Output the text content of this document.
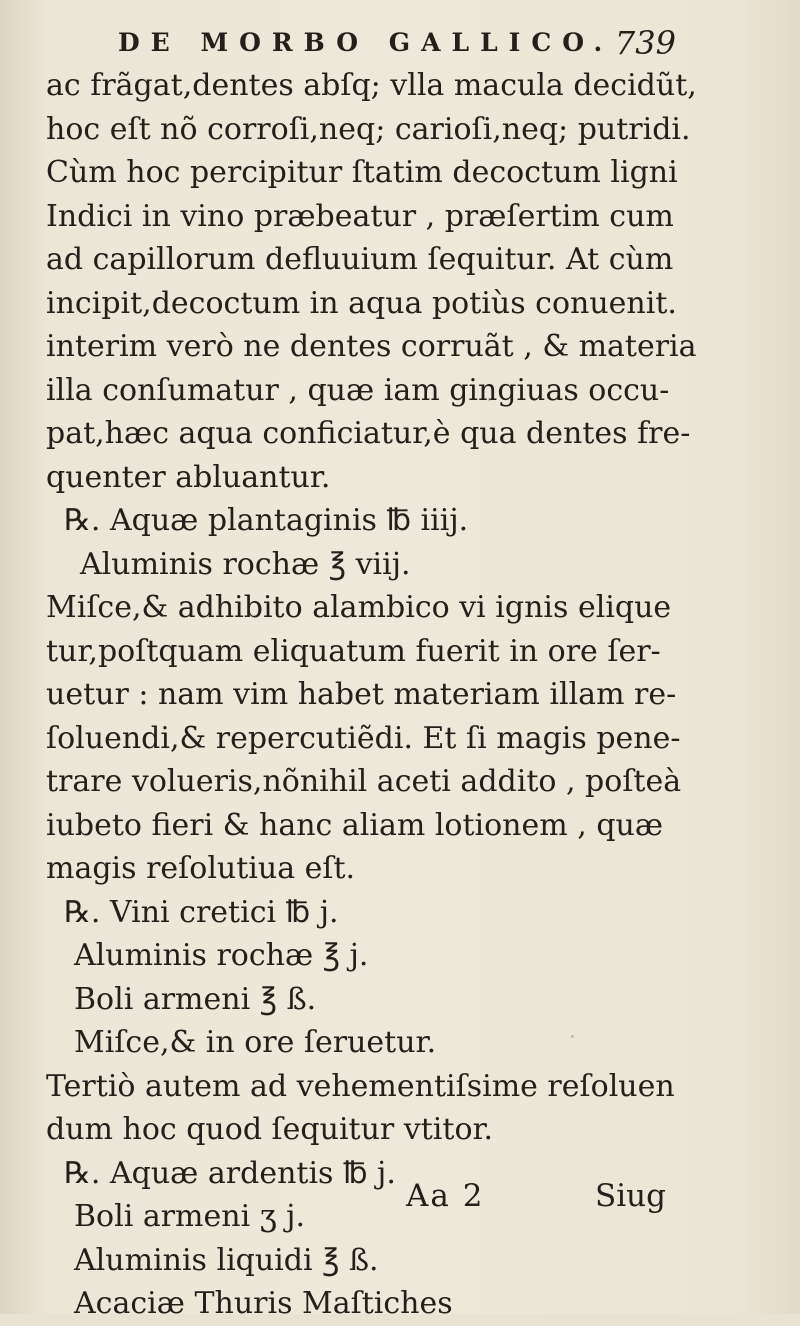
DE MORBO GALLICO. 739
ac frãgat,dentes abſq; vlla macula decidũt,
hoc eſt nõ corroſi,neq; carioſi,neq; putridi.
Cùm hoc percipitur ſtatim decoctum ligni
Indici in vino præbeatur , præſertim cum
ad capillorum defluuium ſequitur. At cùm
incipit,decoctum in aqua potiùs conuenit.
interim verò ne dentes corruãt , & materia
illa conſumatur , quæ iam gingiuas occu-
pat,hæc aqua conficiatur,è qua dentes fre-
quenter abluantur.
℞. Aquæ plantaginis ℔ iiij.
Aluminis rochæ ℥ viij.
Miſce,& adhibito alambico vi ignis elique
tur,poſtquam eliquatum fuerit in ore ſer-
uetur : nam vim habet materiam illam re-
ſoluendi,& repercutiẽdi. Et ſi magis pene-
trare volueris,nõnihil aceti addito , poſteà
iubeto fieri & hanc aliam lotionem , quæ
magis reſolutiua eſt.
℞. Vini cretici ℔ j.
Aluminis rochæ ℥ j.
Boli armeni ℥ ß.
Miſce,& in ore ſeruetur.
Tertiò autem ad vehementiſsime reſoluen
dum hoc quod ſequitur vtitor.
℞. Aquæ ardentis ℔ j.
Boli armeni ʒ j.
Aluminis liquidi ℥ ß.
Acaciæ Thuris Maſtiches
Aa 2	Siug
